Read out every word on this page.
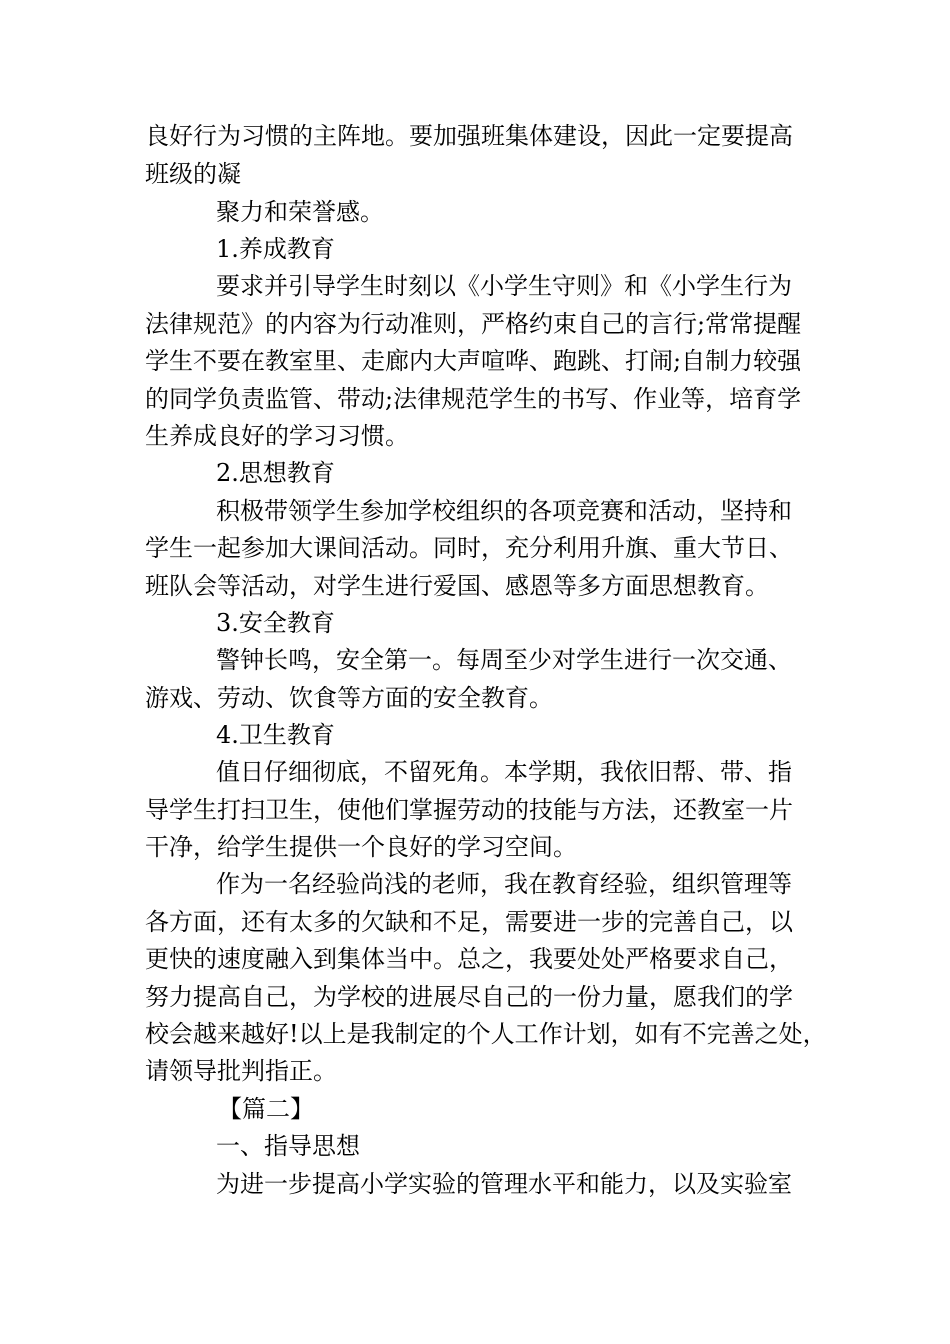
良好行为习惯的主阵地。要加强班集体建设，因此一定要提高

班级的凝

聚力和荣誉感。

1.养成教育

要求并引导学生时刻以《小学生守则》和《小学生行为

法律规范》的内容为行动准则，严格约束自己的言行;常常提醒

学生不要在教室里、走廊内大声喧哗、跑跳、打闹;自制力较强

的同学负责监管、带动;法律规范学生的书写、作业等，培育学

生养成良好的学习习惯。

2.思想教育

积极带领学生参加学校组织的各项竞赛和活动，坚持和

学生一起参加大课间活动。同时，充分利用升旗、重大节日、

班队会等活动，对学生进行爱国、感恩等多方面思想教育。

3.安全教育

警钟长鸣，安全第一。每周至少对学生进行一次交通、

游戏、劳动、饮食等方面的安全教育。

4.卫生教育

值日仔细彻底，不留死角。本学期，我依旧帮、带、指

导学生打扫卫生，使他们掌握劳动的技能与方法，还教室一片

干净，给学生提供一个良好的学习空间。

作为一名经验尚浅的老师，我在教育经验，组织管理等

各方面，还有太多的欠缺和不足，需要进一步的完善自己，以

更快的速度融入到集体当中。总之，我要处处严格要求自己，

努力提高自己，为学校的进展尽自己的一份力量，愿我们的学

校会越来越好!以上是我制定的个人工作计划，如有不完善之处，

请领导批判指正。

【篇二】

一、指导思想

为进一步提高小学实验的管理水平和能力，以及实验室
